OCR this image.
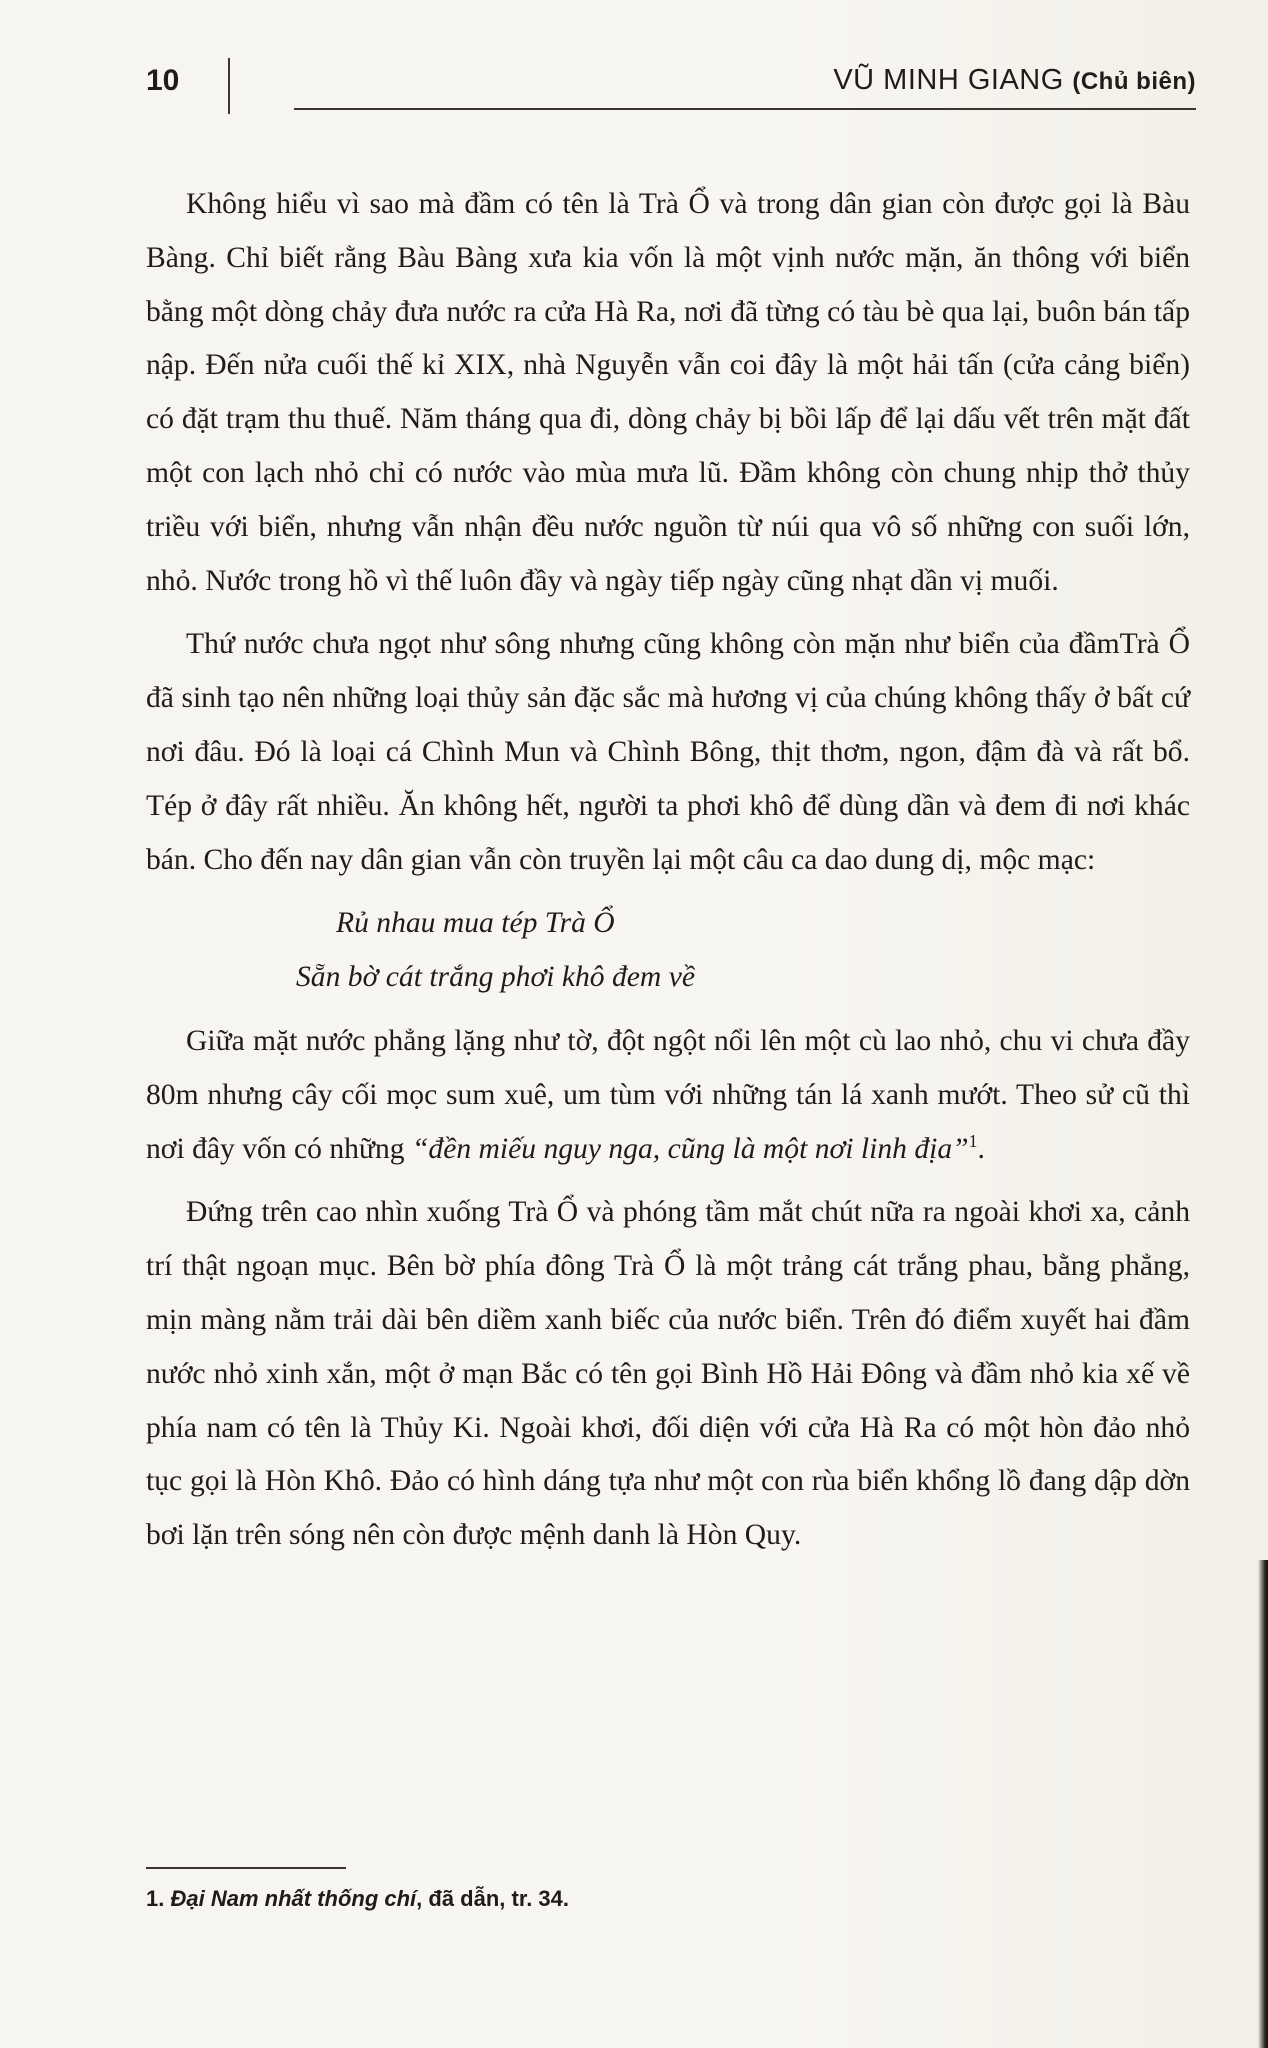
10	VŨ MINH GIANG (Chủ biên)

Không hiểu vì sao mà đầm có tên là Trà Ổ và trong dân gian còn được gọi là Bàu Bàng. Chỉ biết rằng Bàu Bàng xưa kia vốn là một vịnh nước mặn, ăn thông với biển bằng một dòng chảy đưa nước ra cửa Hà Ra, nơi đã từng có tàu bè qua lại, buôn bán tấp nập. Đến nửa cuối thế kỉ XIX, nhà Nguyễn vẫn coi đây là một hải tấn (cửa cảng biển) có đặt trạm thu thuế. Năm tháng qua đi, dòng chảy bị bồi lấp để lại dấu vết trên mặt đất một con lạch nhỏ chỉ có nước vào mùa mưa lũ. Đầm không còn chung nhịp thở thủy triều với biển, nhưng vẫn nhận đều nước nguồn từ núi qua vô số những con suối lớn, nhỏ. Nước trong hồ vì thế luôn đầy và ngày tiếp ngày cũng nhạt dần vị muối.

Thứ nước chưa ngọt như sông nhưng cũng không còn mặn như biển của đầmTrà Ổ đã sinh tạo nên những loại thủy sản đặc sắc mà hương vị của chúng không thấy ở bất cứ nơi đâu. Đó là loại cá Chình Mun và Chình Bông, thịt thơm, ngon, đậm đà và rất bổ. Tép ở đây rất nhiều. Ăn không hết, người ta phơi khô để dùng dần và đem đi nơi khác bán. Cho đến nay dân gian vẫn còn truyền lại một câu ca dao dung dị, mộc mạc:

Rủ nhau mua tép Trà Ổ
Sẵn bờ cát trắng phơi khô đem về

Giữa mặt nước phẳng lặng như tờ, đột ngột nổi lên một cù lao nhỏ, chu vi chưa đầy 80m nhưng cây cối mọc sum xuê, um tùm với những tán lá xanh mướt. Theo sử cũ thì nơi đây vốn có những “đền miếu nguy nga, cũng là một nơi linh địa”$^1$.

Đứng trên cao nhìn xuống Trà Ổ và phóng tầm mắt chút nữa ra ngoài khơi xa, cảnh trí thật ngoạn mục. Bên bờ phía đông Trà Ổ là một trảng cát trắng phau, bằng phẳng, mịn màng nằm trải dài bên diềm xanh biếc của nước biển. Trên đó điểm xuyết hai đầm nước nhỏ xinh xắn, một ở mạn Bắc có tên gọi Bình Hồ Hải Đông và đầm nhỏ kia xế về phía nam có tên là Thủy Ki. Ngoài khơi, đối diện với cửa Hà Ra có một hòn đảo nhỏ tục gọi là Hòn Khô. Đảo có hình dáng tựa như một con rùa biển khổng lồ đang dập dờn bơi lặn trên sóng nên còn được mệnh danh là Hòn Quy.

1. Đại Nam nhất thống chí, đã dẫn, tr. 34.
